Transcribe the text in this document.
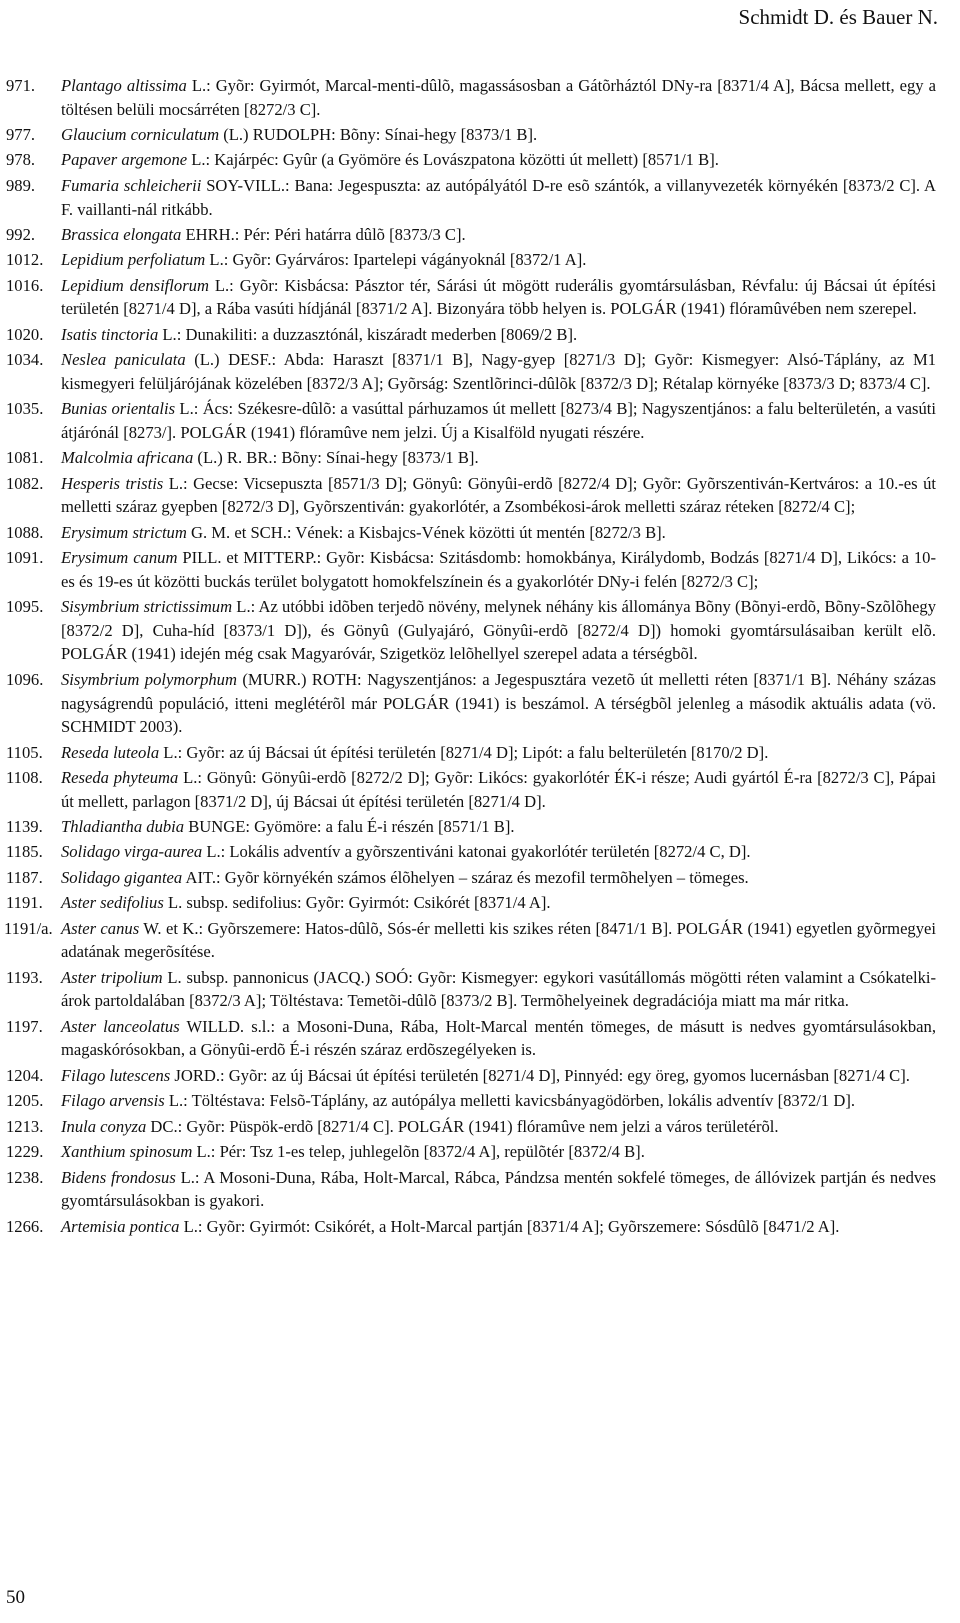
Schmidt D. és Bauer N.
971. Plantago altissima L.: Gyõr: Gyirmót, Marcal-menti-dûlõ, magassásosban a Gátõrháztól DNy-ra [8371/4 A], Bácsa mellett, egy a töltésen belüli mocsárréten [8272/3 C].
977. Glaucium corniculatum (L.) RUDOLPH: Bõny: Sínai-hegy [8373/1 B].
978. Papaver argemone L.: Kajárpéc: Gyûr (a Gyömöre és Lovászpatona közötti út mellett) [8571/1 B].
989. Fumaria schleicherii SOY-VILL.: Bana: Jegespuszta: az autópályától D-re esõ szántók, a villanyvezeték környékén [8373/2 C]. A F. vaillanti-nál ritkább.
992. Brassica elongata EHRH.: Pér: Péri határra dûlõ [8373/3 C].
1012. Lepidium perfoliatum L.: Gyõr: Gyárváros: Ipartelepi vágányoknál [8372/1 A].
1016. Lepidium densiflorum L.: Gyõr: Kisbácsa: Pásztor tér, Sárási út mögött ruderális gyomtársulásban, Révfalu: új Bácsai út építési területén [8271/4 D], a Rába vasúti hídjánál [8371/2 A]. Bizonyára több helyen is. POLGÁR (1941) flóramûvében nem szerepel.
1020. Isatis tinctoria L.: Dunakiliti: a duzzasztónál, kiszáradt mederben [8069/2 B].
1034. Neslea paniculata (L.) DESF.: Abda: Haraszt [8371/1 B], Nagy-gyep [8271/3 D]; Gyõr: Kismegyer: Alsó-Táplány, az M1 kismegyeri felüljárójának közelében [8372/3 A]; Gyõrság: Szentlõrinci-dûlõk [8372/3 D]; Rétalap környéke [8373/3 D; 8373/4 C].
1035. Bunias orientalis L.: Ács: Székesre-dûlõ: a vasúttal párhuzamos út mellett [8273/4 B]; Nagyszentjános: a falu belterületén, a vasúti átjárónál [8273/]. POLGÁR (1941) flóramûve nem jelzi. Új a Kisalföld nyugati részére.
1081. Malcolmia africana (L.) R. BR.: Bõny: Sínai-hegy [8373/1 B].
1082. Hesperis tristis L.: Gecse: Vicsepuszta [8571/3 D]; Gönyû: Gönyûi-erdõ [8272/4 D]; Gyõr: Gyõrszentiván-Kertváros: a 10.-es út melletti száraz gyepben [8272/3 D], Gyõrszentiván: gyakorlótér, a Zsombékosi-árok melletti száraz réteken [8272/4 C];
1088. Erysimum strictum G. M. et SCH.: Vének: a Kisbajcs-Vének közötti út mentén [8272/3 B].
1091. Erysimum canum PILL. et MITTERP.: Gyõr: Kisbácsa: Szitásdomb: homokbánya, Királydomb, Bodzás [8271/4 D], Likócs: a 10-es és 19-es út közötti buckás terület bolygatott homokfelszínein és a gyakorlótér DNy-i felén [8272/3 C];
1095. Sisymbrium strictissimum L.: Az utóbbi idõben terjedõ növény, melynek néhány kis állománya Bõny (Bõnyi-erdõ, Bõny-Szõlõhegy [8372/2 D], Cuha-híd [8373/1 D]), és Gönyû (Gulyajáró, Gönyûi-erdõ [8272/4 D]) homoki gyomtársulásaiban került elõ. POLGÁR (1941) idején még csak Magyaróvár, Szigetköz lelõhellyel szerepel adata a térségbõl.
1096. Sisymbrium polymorphum (MURR.) ROTH: Nagyszentjános: a Jegespusztára vezetõ út melletti réten [8371/1 B]. Néhány százas nagyságrendû populáció, itteni meglétérõl már POLGÁR (1941) is beszámol. A térségbõl jelenleg a második aktuális adata (vö. SCHMIDT 2003).
1105. Reseda luteola L.: Gyõr: az új Bácsai út építési területén [8271/4 D]; Lipót: a falu belterületén [8170/2 D].
1108. Reseda phyteuma L.: Gönyû: Gönyûi-erdõ [8272/2 D]; Gyõr: Likócs: gyakorlótér ÉK-i része; Audi gyártól É-ra [8272/3 C], Pápai út mellett, parlagon [8371/2 D], új Bácsai út építési területén [8271/4 D].
1139. Thladiantha dubia BUNGE: Gyömöre: a falu É-i részén [8571/1 B].
1185. Solidago virga-aurea L.: Lokális adventív a gyõrszentiváni katonai gyakorlótér területén [8272/4 C, D].
1187. Solidago gigantea AIT.: Gyõr környékén számos élõhelyen – száraz és mezofil termõhelyen – tömeges.
1191. Aster sedifolius L. subsp. sedifolius: Gyõr: Gyirmót: Csikórét [8371/4 A].
1191/a. Aster canus W. et K.: Gyõrszemere: Hatos-dûlõ, Sós-ér melletti kis szikes réten [8471/1 B]. POLGÁR (1941) egyetlen gyõrmegyei adatának megerõsítése.
1193. Aster tripolium L. subsp. pannonicus (JACQ.) SOÓ: Gyõr: Kismegyer: egykori vasútállomás mögötti réten valamint a Csókatelki-árok partoldalában [8372/3 A]; Töltéstava: Temetõi-dûlõ [8373/2 B]. Termõhelyeinek degradációja miatt ma már ritka.
1197. Aster lanceolatus WILLD. s.l.: a Mosoni-Duna, Rába, Holt-Marcal mentén tömeges, de másutt is nedves gyomtársulásokban, magaskórósokban, a Gönyûi-erdõ É-i részén száraz erdõszegélyeken is.
1204. Filago lutescens JORD.: Gyõr: az új Bácsai út építési területén [8271/4 D], Pinnyéd: egy öreg, gyomos lucernásban [8271/4 C].
1205. Filago arvensis L.: Töltéstava: Felsõ-Táplány, az autópálya melletti kavicsbányagödörben, lokális adventív [8372/1 D].
1213. Inula conyza DC.: Gyõr: Püspök-erdõ [8271/4 C]. POLGÁR (1941) flóramûve nem jelzi a város területérõl.
1229. Xanthium spinosum L.: Pér: Tsz 1-es telep, juhlegelõn [8372/4 A], repülõtér [8372/4 B].
1238. Bidens frondosus L.: A Mosoni-Duna, Rába, Holt-Marcal, Rábca, Pándzsa mentén sokfelé tömeges, de állóvizek partján és nedves gyomtársulásokban is gyakori.
1266. Artemisia pontica L.: Gyõr: Gyirmót: Csikórét, a Holt-Marcal partján [8371/4 A]; Gyõrszemere: Sósdûlõ [8471/2 A].
50
